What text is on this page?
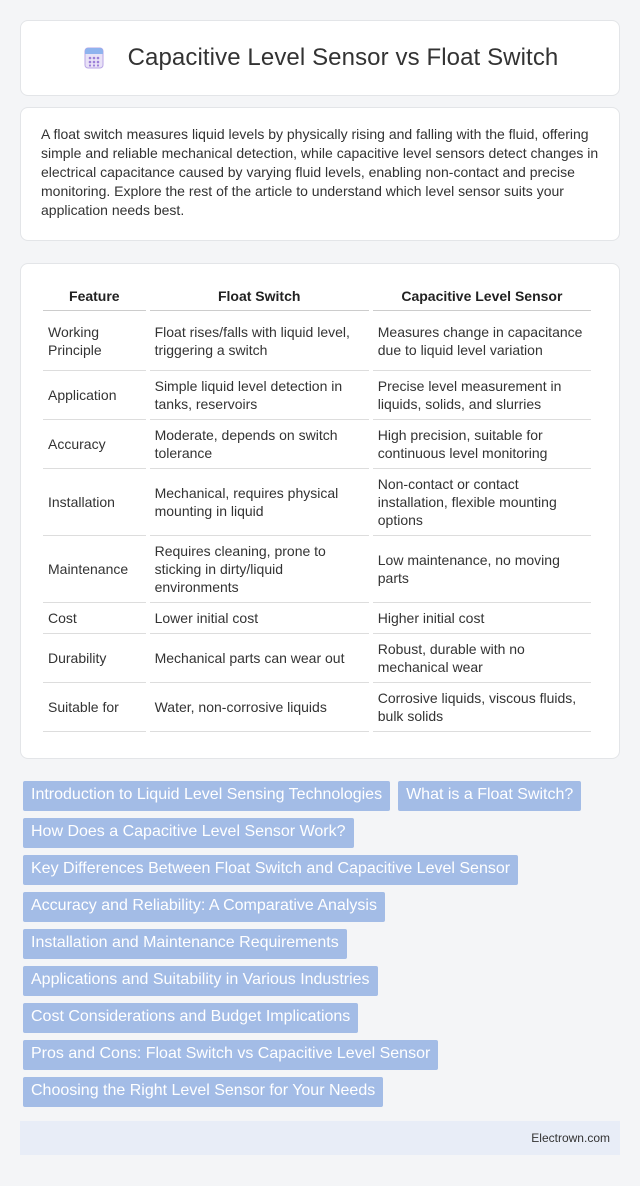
Capacitive Level Sensor vs Float Switch

A float switch measures liquid levels by physically rising and falling with the fluid, offering simple and reliable mechanical detection, while capacitive level sensors detect changes in electrical capacitance caused by varying fluid levels, enabling non-contact and precise monitoring. Explore the rest of the article to understand which level sensor suits your application needs best.

Feature	Float Switch	Capacitive Level Sensor
Working Principle	Float rises/falls with liquid level, triggering a switch	Measures change in capacitance due to liquid level variation
Application	Simple liquid level detection in tanks, reservoirs	Precise level measurement in liquids, solids, and slurries
Accuracy	Moderate, depends on switch tolerance	High precision, suitable for continuous level monitoring
Installation	Mechanical, requires physical mounting in liquid	Non-contact or contact installation, flexible mounting options
Maintenance	Requires cleaning, prone to sticking in dirty/liquid environments	Low maintenance, no moving parts
Cost	Lower initial cost	Higher initial cost
Durability	Mechanical parts can wear out	Robust, durable with no mechanical wear
Suitable for	Water, non-corrosive liquids	Corrosive liquids, viscous fluids, bulk solids
Introduction to Liquid Level Sensing Technologies	What is a Float Switch?
How Does a Capacitive Level Sensor Work?
Key Differences Between Float Switch and Capacitive Level Sensor
Accuracy and Reliability: A Comparative Analysis
Installation and Maintenance Requirements
Applications and Suitability in Various Industries
Cost Considerations and Budget Implications
Pros and Cons: Float Switch vs Capacitive Level Sensor
Choosing the Right Level Sensor for Your Needs
Electrown.com
